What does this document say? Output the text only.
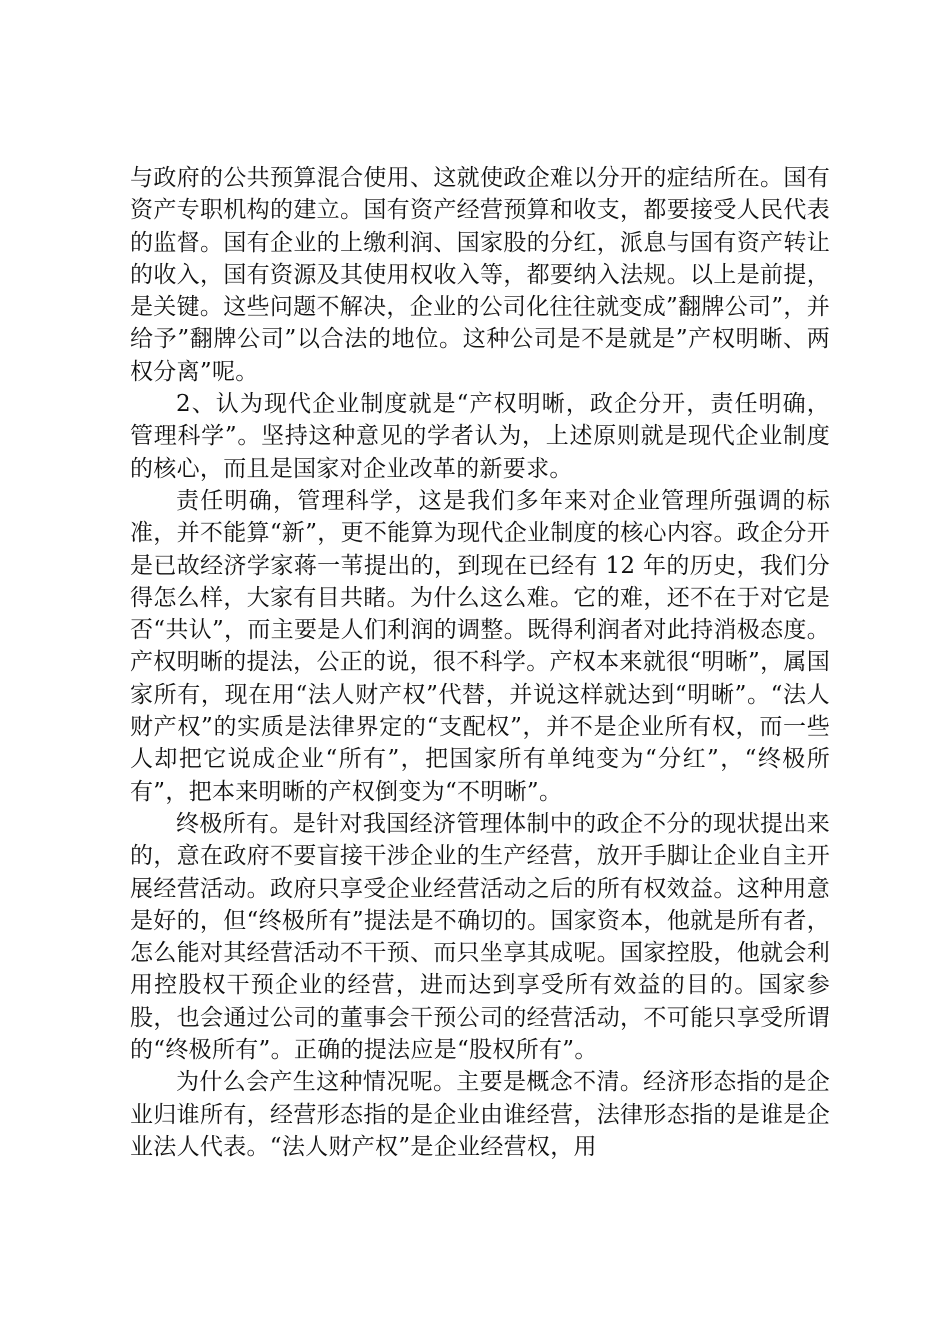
与政府的公共预算混合使用、这就使政企难以分开的症结所在。国有资产专职机构的建立。国有资产经营预算和收支，都要接受人民代表的监督。国有企业的上缴利润、国家股的分红，派息与国有资产转让的收入，国有资源及其使用权收入等，都要纳入法规。以上是前提，是关键。这些问题不解决，企业的公司化往往就变成”翻牌公司”，并给予”翻牌公司”以合法的地位。这种公司是不是就是”产权明晰、两权分离”呢。

2、认为现代企业制度就是“产权明晰，政企分开，责任明确，管理科学”。坚持这种意见的学者认为，上述原则就是现代企业制度的核心，而且是国家对企业改革的新要求。

责任明确，管理科学，这是我们多年来对企业管理所强调的标准，并不能算“新”，更不能算为现代企业制度的核心内容。政企分开是已故经济学家蒋一苇提出的，到现在已经有 12 年的历史，我们分得怎么样，大家有目共睹。为什么这么难。它的难，还不在于对它是否“共认”，而主要是人们利润的调整。既得利润者对此持消极态度。产权明晰的提法，公正的说，很不科学。产权本来就很“明晰”，属国家所有，现在用“法人财产权”代替，并说这样就达到“明晰”。“法人财产权”的实质是法律界定的“支配权”，并不是企业所有权，而一些人却把它说成企业“所有”，把国家所有单纯变为“分红”，“终极所有”，把本来明晰的产权倒变为“不明晰”。

终极所有。是针对我国经济管理体制中的政企不分的现状提出来的，意在政府不要盲接干涉企业的生产经营，放开手脚让企业自主开展经营活动。政府只享受企业经营活动之后的所有权效益。这种用意是好的，但“终极所有”提法是不确切的。国家资本，他就是所有者，怎么能对其经营活动不干预、而只坐享其成呢。国家控股，他就会利用控股权干预企业的经营，进而达到享受所有效益的目的。国家参股，也会通过公司的董事会干预公司的经营活动，不可能只享受所谓的“终极所有”。正确的提法应是“股权所有”。

为什么会产生这种情况呢。主要是概念不清。经济形态指的是企业归谁所有，经营形态指的是企业由谁经营，法律形态指的是谁是企业法人代表。“法人财产权”是企业经营权，用
